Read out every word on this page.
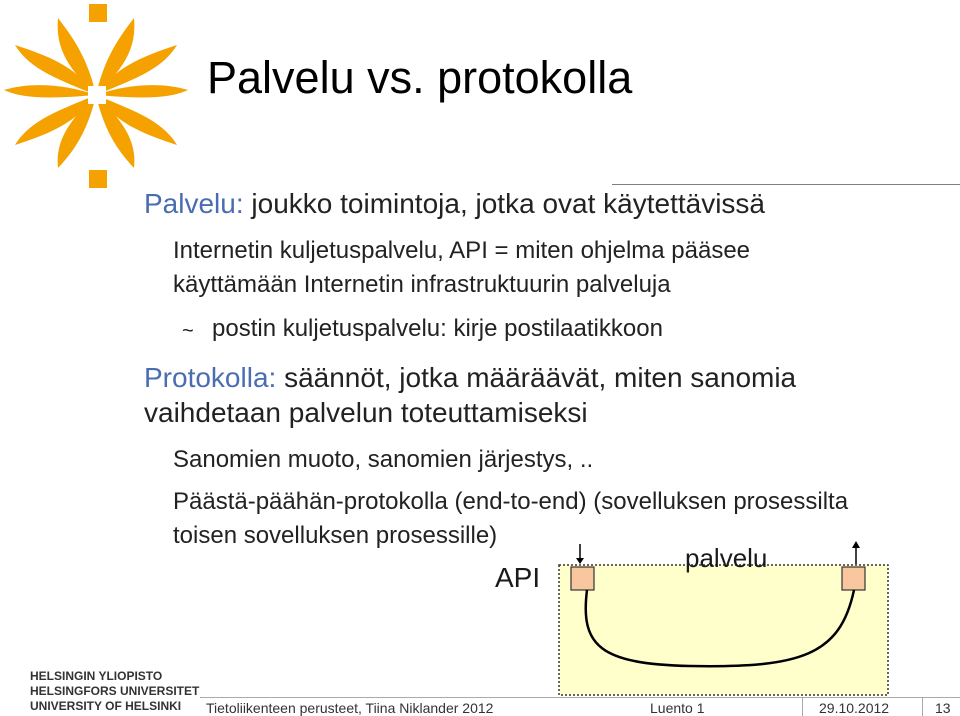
Palvelu vs. protokolla
Palvelu: joukko toimintoja, jotka ovat käytettävissä
Internetin kuljetuspalvelu, API = miten ohjelma pääsee
käyttämään Internetin infrastruktuurin palveluja
~ postin kuljetuspalvelu: kirje postilaatikkoon
Protokolla: säännöt, jotka määräävät, miten sanomia
vaihdetaan palvelun toteuttamiseksi
Sanomien muoto, sanomien järjestys, ..
Päästä-päähän-protokolla (end-to-end) (sovelluksen prosessilta
toisen sovelluksen prosessille)
API
palvelu
HELSINGIN YLIOPISTO
HELSINGFORS UNIVERSITET
UNIVERSITY OF HELSINKI	Tietoliikenteen perusteet, Tiina Niklander 2012	Luento 1	29.10.2012	13
